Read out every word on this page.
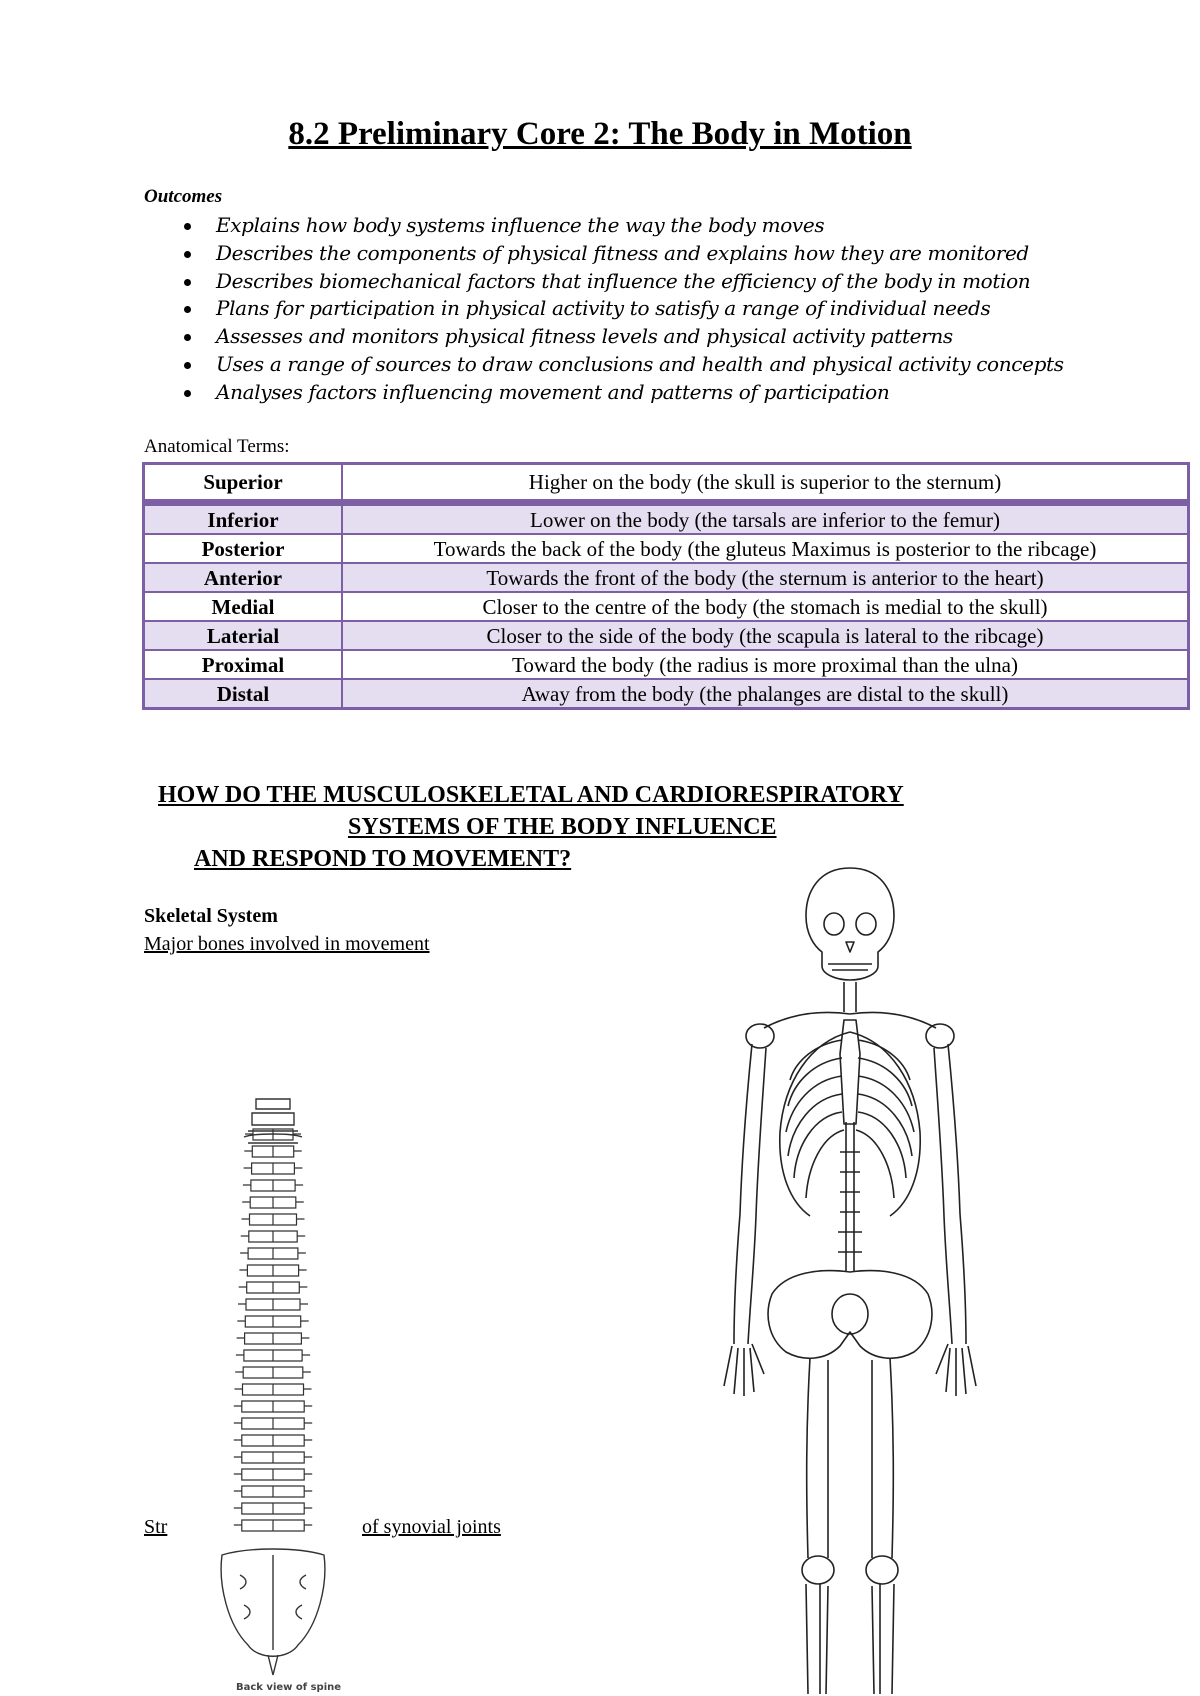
8.2 Preliminary Core 2: The Body in Motion
Outcomes
Explains how body systems influence the way the body moves
Describes the components of physical fitness and explains how they are monitored
Describes biomechanical factors that influence the efficiency of the body in motion
Plans for participation in physical activity to satisfy a range of individual needs
Assesses and monitors physical fitness levels and physical activity patterns
Uses a range of sources to draw conclusions and health and physical activity concepts
Analyses factors influencing movement and patterns of participation
Anatomical Terms:
Superior	Higher on the body (the skull is superior to the sternum)

Inferior	Lower on the body (the tarsals are inferior to the femur)
Posterior	Towards the back of the body (the gluteus Maximus is posterior to the ribcage)
Anterior	Towards the front of the body (the sternum is anterior to the heart)
Medial	Closer to the centre of the body (the stomach is medial to the skull)
Laterial	Closer to the side of the body (the scapula is lateral to the ribcage)
Proximal	Toward the body (the radius is more proximal than the ulna)
Distal	Away from the body (the phalanges are distal to the skull)
HOW DO THE MUSCULOSKELETAL AND CARDIORESPIRATORY
SYSTEMS OF THE BODY INFLUENCE
AND RESPOND TO MOVEMENT?
Skeletal System
Major bones involved in movement
Str	of synovial joints
Back view of spine
